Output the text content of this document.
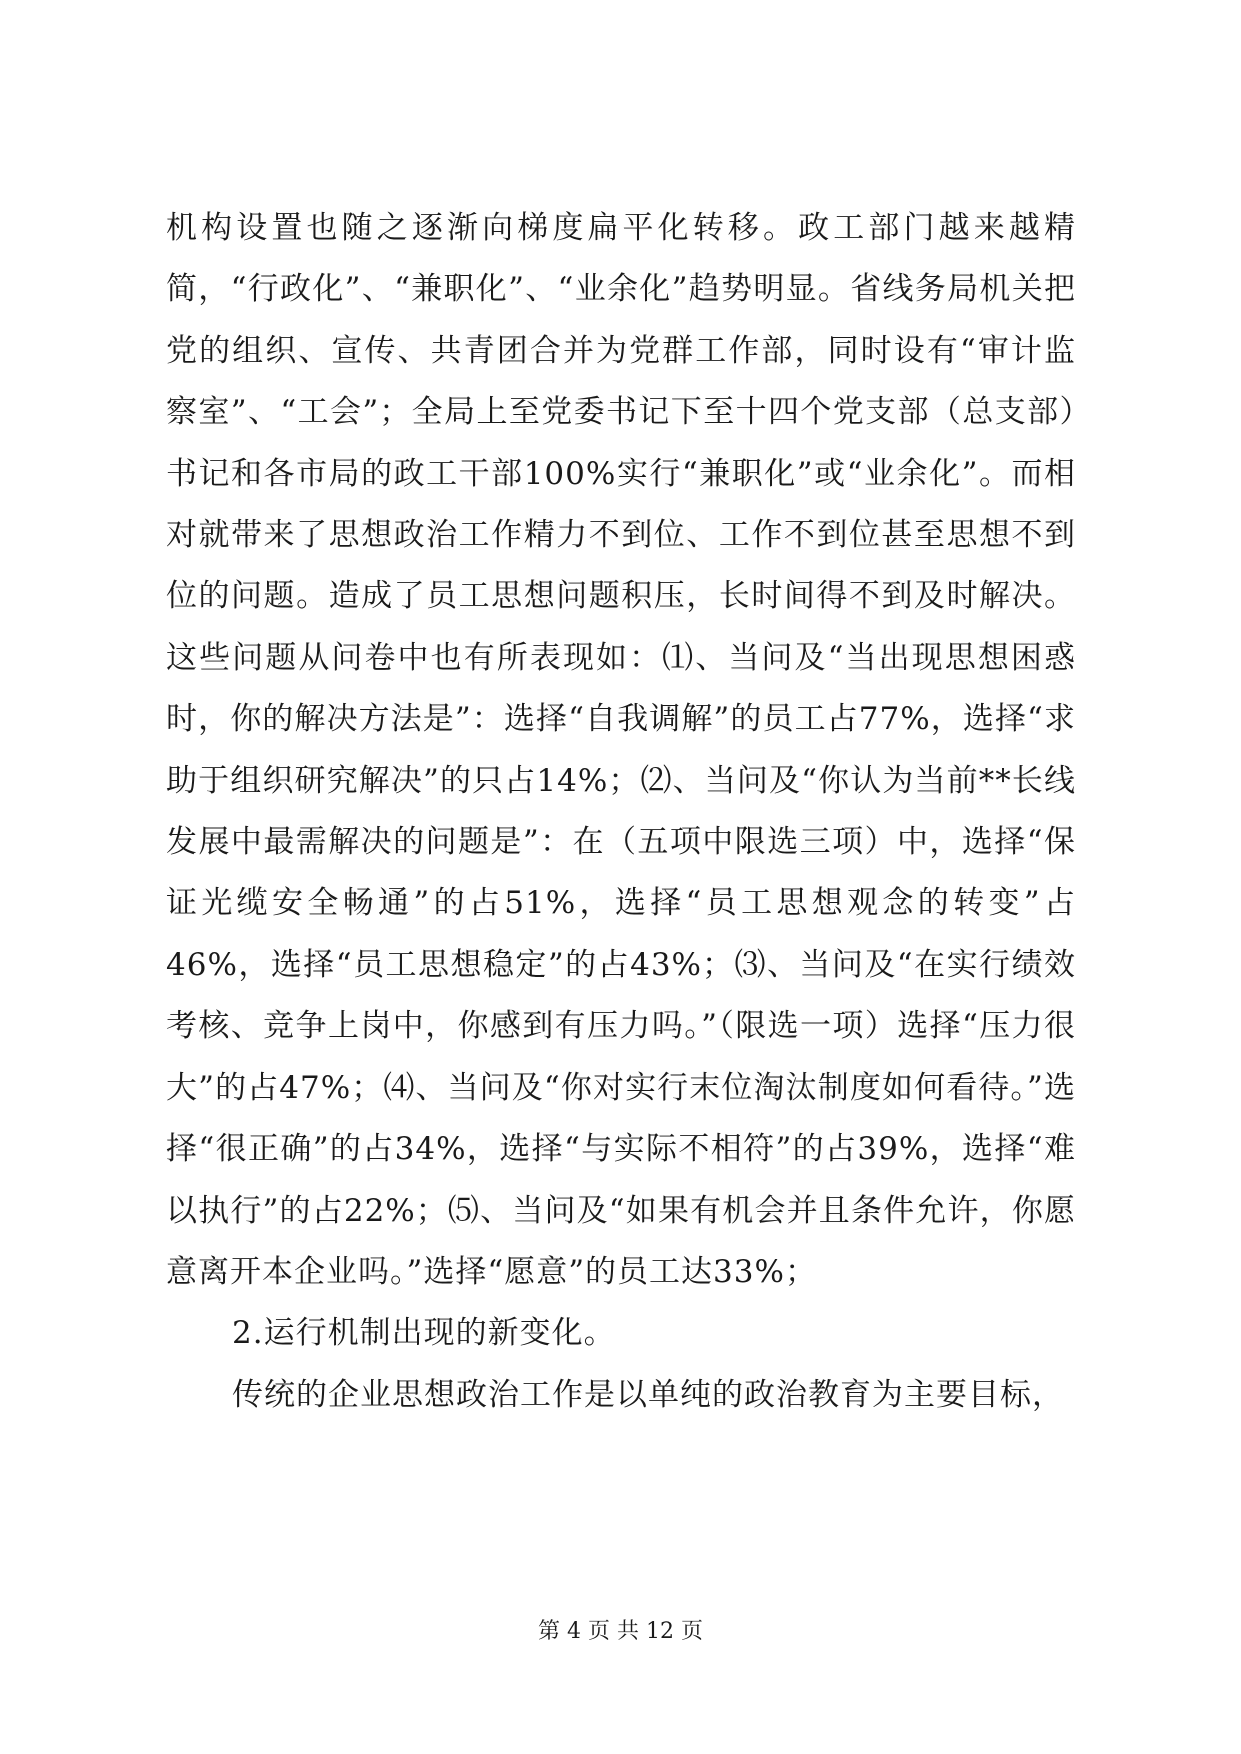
机构设置也随之逐渐向梯度扁平化转移。政工部门越来越精简，“行政化”、“兼职化”、“业余化”趋势明显。省线务局机关把党的组织、宣传、共青团合并为党群工作部，同时设有“审计监察室”、“工会”；全局上至党委书记下至十四个党支部（总支部）书记和各市局的政工干部100%实行“兼职化”或“业余化”。而相对就带来了思想政治工作精力不到位、工作不到位甚至思想不到位的问题。造成了员工思想问题积压，长时间得不到及时解决。这些问题从问卷中也有所表现如：⑴、当问及“当出现思想困惑时，你的解决方法是”：选择“自我调解”的员工占77%，选择“求助于组织研究解决”的只占14%；⑵、当问及“你认为当前**长线发展中最需解决的问题是”：在（五项中限选三项）中，选择“保证光缆安全畅通”的占51%，选择“员工思想观念的转变”占46%，选择“员工思想稳定”的占43%；⑶、当问及“在实行绩效考核、竞争上岗中，你感到有压力吗。”（限选一项）选择“压力很大”的占47%；⑷、当问及“你对实行末位淘汰制度如何看待。”选择“很正确”的占34%，选择“与实际不相符”的占39%，选择“难以执行”的占22%；⑸、当问及“如果有机会并且条件允许，你愿意离开本企业吗。”选择“愿意”的员工达33%；

2.运行机制出现的新变化。

传统的企业思想政治工作是以单纯的政治教育为主要目标，

第 4 页 共 12 页
